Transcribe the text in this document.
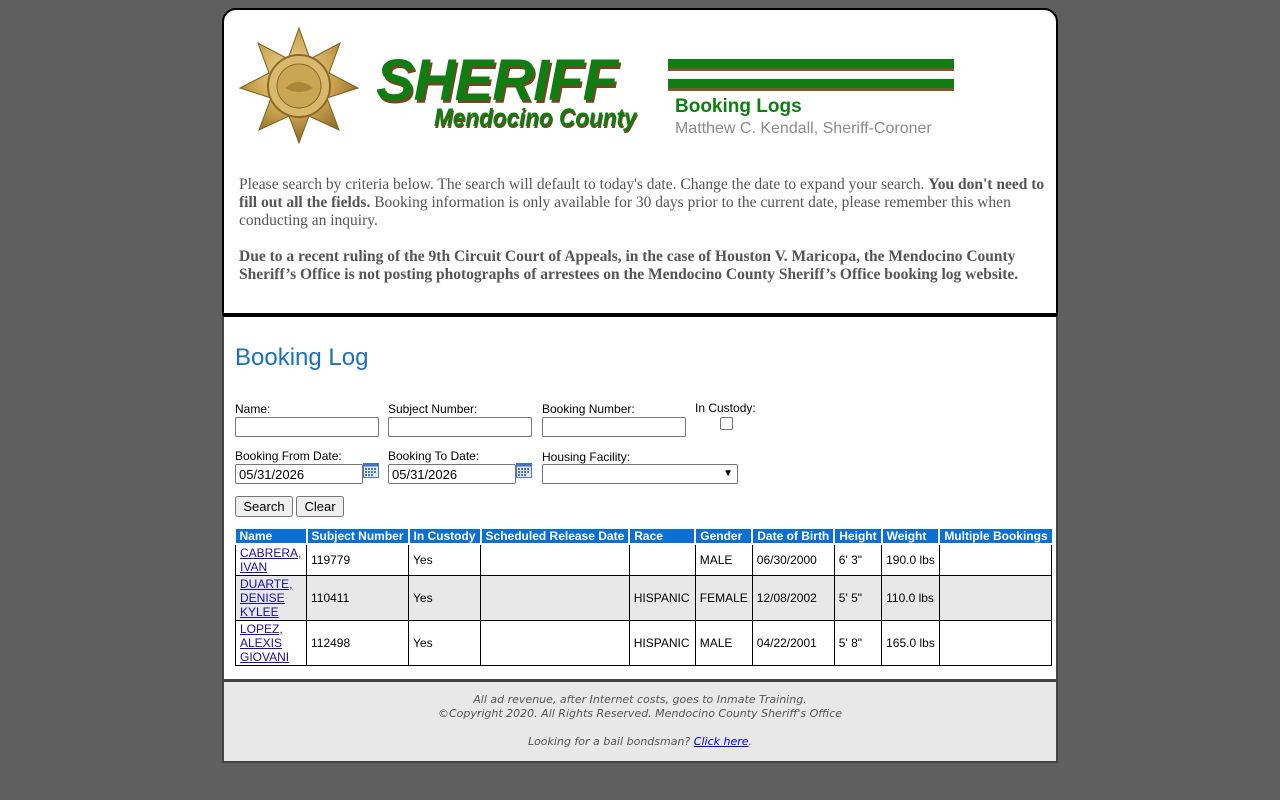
SHERIFF
Mendocino County Booking Logs
Matthew C. Kendall, Sheriff-Coroner

Please search by criteria below. The search will default to today's date. Change the date to expand your search. You don't need to fill out all the fields. Booking information is only available for 30 days prior to the current date, please remember this when conducting an inquiry.

Due to a recent ruling of the 9th Circuit Court of Appeals, in the case of Houston V. Maricopa, the Mendocino County Sheriff’s Office is not posting photographs of arrestees on the Mendocino County Sheriff’s Office booking log website.

Booking Log
Name:	Subject Number:	Booking Number:	In Custody:
Booking From Date:
05/31/2026	Booking To Date:
05/31/2026	Housing Facility:
▼
Search	Clear
Name	Subject Number	In Custody	Scheduled Release Date	Race	Gender	Date of Birth	Height	Weight	Multiple Bookings
CABRERA,
IVAN	119779	Yes			MALE	06/30/2000	6' 3"	190.0 lbs	
DUARTE,
DENISE
KYLEE	110411	Yes		HISPANIC	FEMALE	12/08/2002	5' 5"	110.0 lbs	
LOPEZ,
ALEXIS
GIOVANI	112498	Yes		HISPANIC	MALE	04/22/2001	5' 8"	165.0 lbs	
All ad revenue, after Internet costs, goes to Inmate Training.
©Copyright 2020. All Rights Reserved. Mendocino County Sheriff's Office
Looking for a bail bondsman? Click here.
